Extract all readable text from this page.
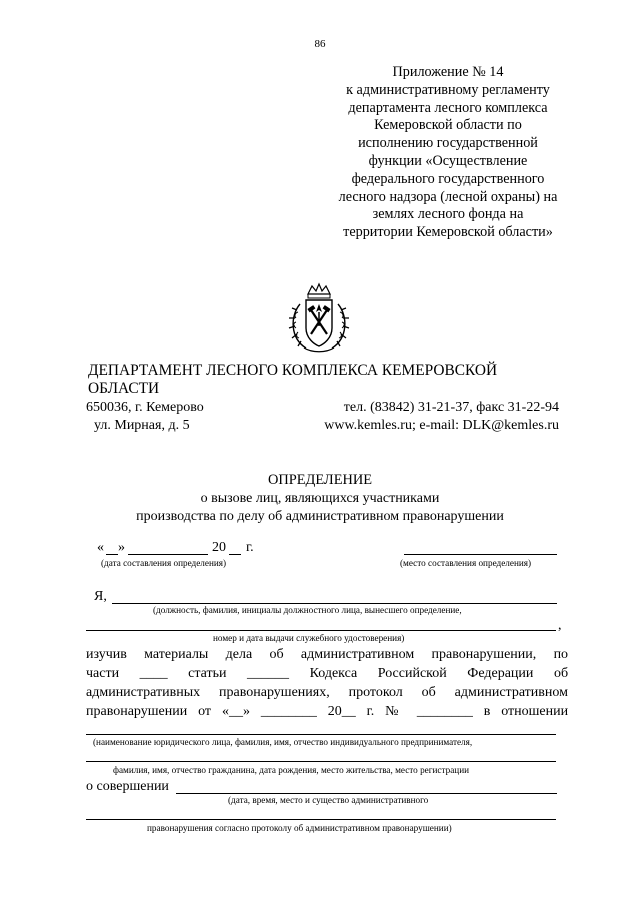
86
Приложение № 14
к административному регламенту
департамента лесного комплекса
Кемеровской области по
исполнению государственной
функции «Осуществление
федерального государственного
лесного надзора (лесной охраны) на
землях лесного фонда на
территории Кемеровской области»
ДЕПАРТАМЕНТ ЛЕСНОГО КОМПЛЕКСА КЕМЕРОВСКОЙ ОБЛАСТИ
650036, г. Кемерово
ул. Мирная, д. 5
тел. (83842) 31-21-37, факс 31-22-94
www.kemles.ru; e-mail: DLK@kemles.ru
ОПРЕДЕЛЕНИЕ
о вызове лиц, являющихся участниками
производства по делу об административном правонарушении
« »	20 г.
(дата составления определения)	(место составления определения)
Я,
(должность, фамилия, инициалы должностного лица, вынесшего определение,
,
номер и дата выдачи служебного удостоверения)
изучив материалы дела об административном правонарушении, по
части ____ статьи ______ Кодекса Российской Федерации об
административных правонарушениях, протокол об административном
правонарушении от «__» ________ 20__ г. № ________ в отношении
(наименование юридического лица, фамилия, имя, отчество индивидуального предпринимателя,
фамилия, имя, отчество гражданина, дата рождения, место жительства, место регистрации
о совершении
(дата, время, место и существо административного
правонарушения согласно протоколу об административном правонарушении)
